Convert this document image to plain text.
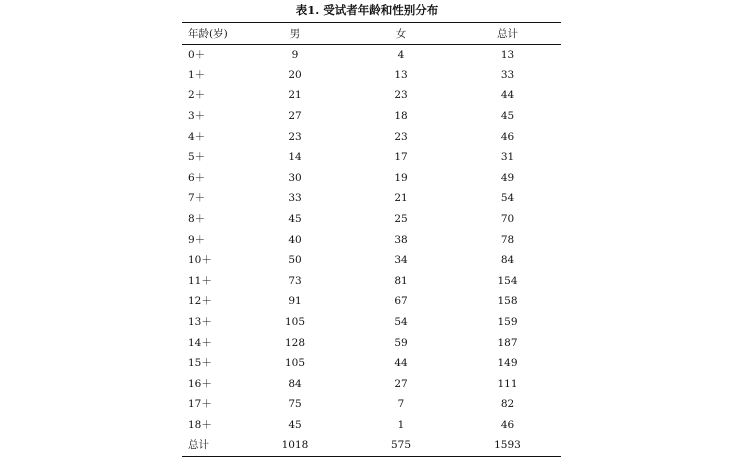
表1. 受试者年龄和性别分布
年龄(岁)	男	女	总计
0＋	9	4	13
1＋	20	13	33
2＋	21	23	44
3＋	27	18	45
4＋	23	23	46
5＋	14	17	31
6＋	30	19	49
7＋	33	21	54
8＋	45	25	70
9＋	40	38	78
10＋	50	34	84
11＋	73	81	154
12＋	91	67	158
13＋	105	54	159
14＋	128	59	187
15＋	105	44	149
16＋	84	27	111
17＋	75	7	82
18＋	45	1	46
总计	1018	575	1593
